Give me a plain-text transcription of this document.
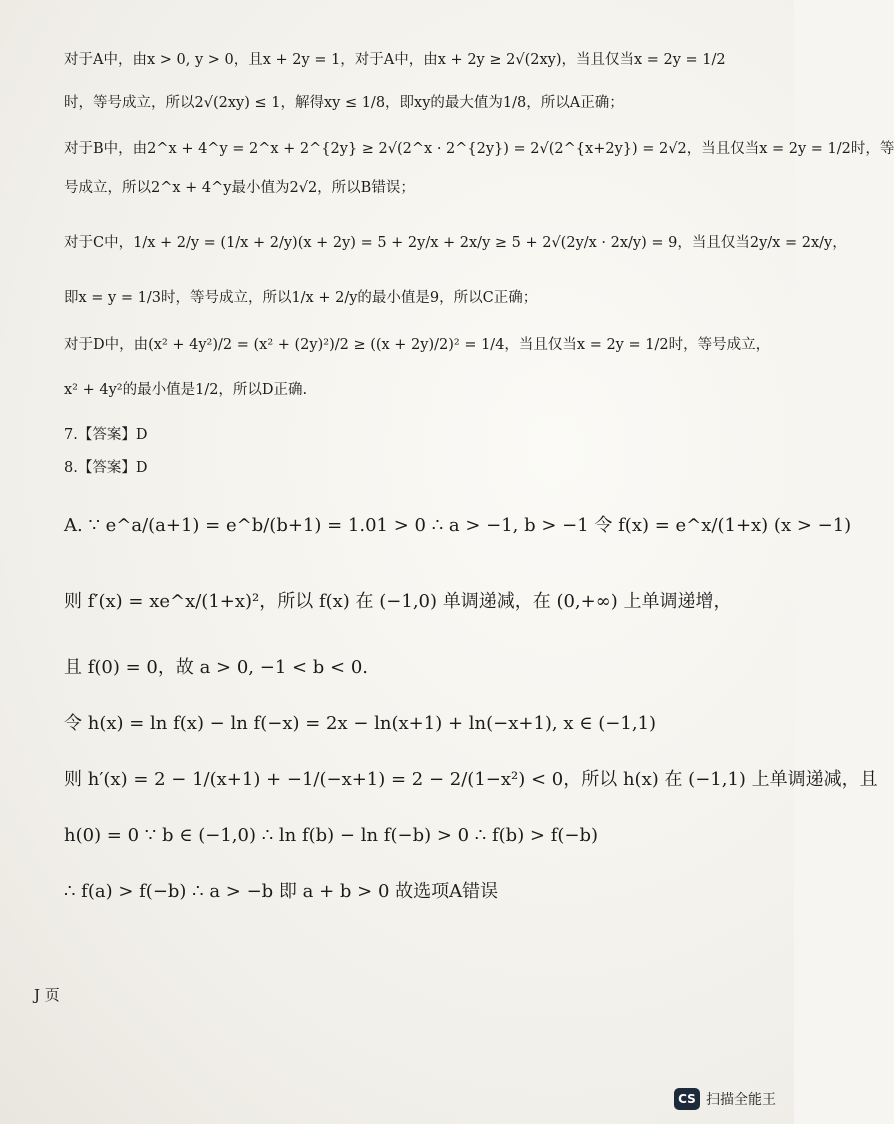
对于A中，由x > 0, y > 0，且x + 2y = 1，对于A中，由x + 2y ≥ 2√(2xy)，当且仅当x = 2y = 1/2
时，等号成立，所以2√(2xy) ≤ 1，解得xy ≤ 1/8，即xy的最大值为1/8，所以A正确；
对于B中，由2^x + 4^y = 2^x + 2^{2y} ≥ 2√(2^x · 2^{2y}) = 2√(2^{x+2y}) = 2√2，当且仅当x = 2y = 1/2时，等
号成立，所以2^x + 4^y最小值为2√2，所以B错误；
对于C中，1/x + 2/y = (1/x + 2/y)(x + 2y) = 5 + 2y/x + 2x/y ≥ 5 + 2√(2y/x · 2x/y) = 9，当且仅当2y/x = 2x/y，
即x = y = 1/3时，等号成立，所以1/x + 2/y的最小值是9，所以C正确；
对于D中，由(x² + 4y²)/2 = (x² + (2y)²)/2 ≥ ((x + 2y)/2)² = 1/4，当且仅当x = 2y = 1/2时，等号成立，
x² + 4y²的最小值是1/2，所以D正确.
7.【答案】D
8.【答案】D
A. ∵ e^a/(a+1) = e^b/(b+1) = 1.01 > 0 ∴ a > −1, b > −1 令 f(x) = e^x/(1+x) (x > −1)
则 f′(x) = xe^x/(1+x)²，所以 f(x) 在 (−1,0) 单调递减，在 (0,+∞) 上单调递增，
且 f(0) = 0，故 a > 0, −1 < b < 0.
令 h(x) = ln f(x) − ln f(−x) = 2x − ln(x+1) + ln(−x+1), x ∈ (−1,1)
则 h′(x) = 2 − 1/(x+1) + −1/(−x+1) = 2 − 2/(1−x²) < 0，所以 h(x) 在 (−1,1) 上单调递减，且
h(0) = 0 ∵ b ∈ (−1,0) ∴ ln f(b) − ln f(−b) > 0 ∴ f(b) > f(−b)
∴ f(a) > f(−b) ∴ a > −b 即 a + b > 0 故选项A错误
J 页
CS 扫描全能王
